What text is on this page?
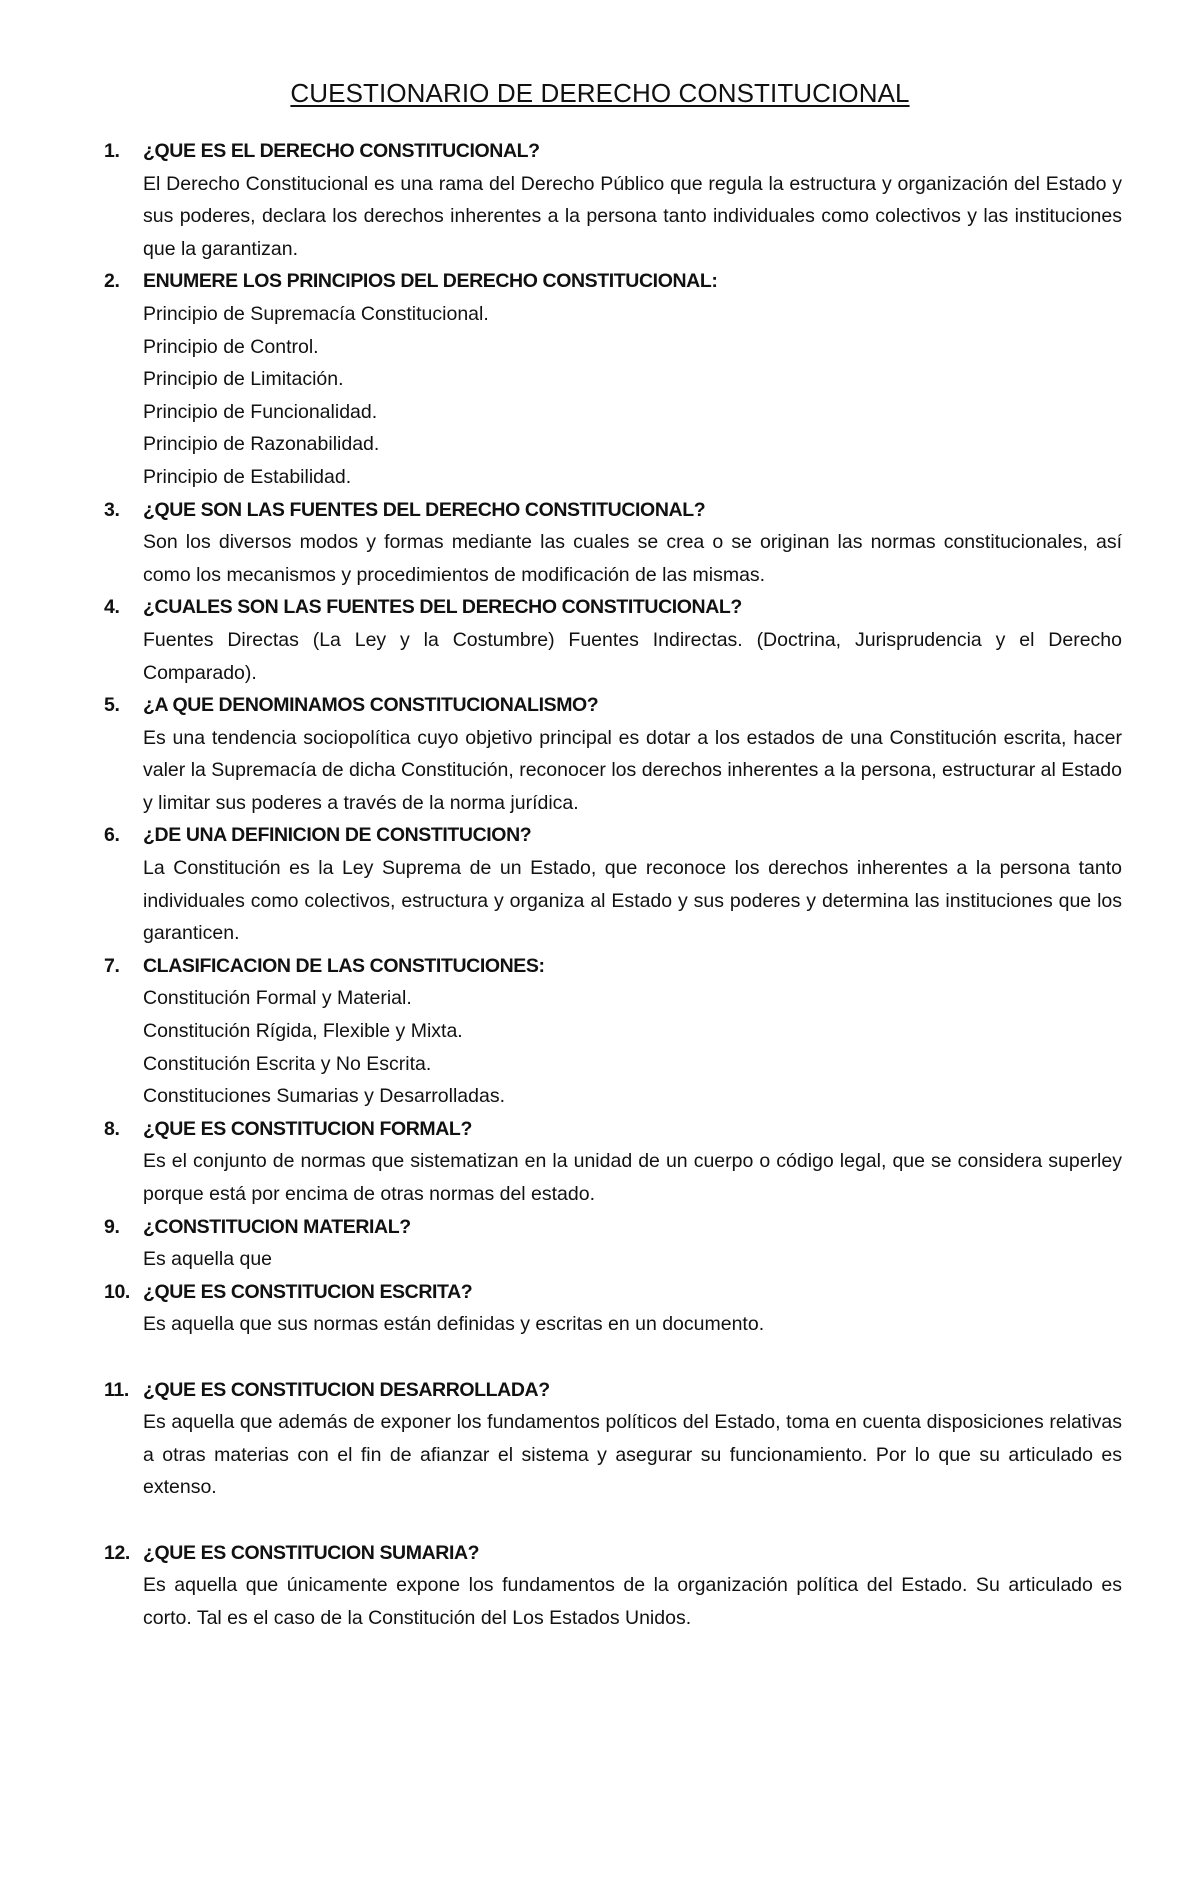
CUESTIONARIO DE DERECHO CONSTITUCIONAL
1.	¿QUE ES EL DERECHO CONSTITUCIONAL?

El Derecho Constitucional es una rama del Derecho Público que regula la estructura y organización del Estado y sus poderes, declara los derechos inherentes a la persona tanto individuales como colectivos y las instituciones que la garantizan.

2.	ENUMERE LOS PRINCIPIOS DEL DERECHO CONSTITUCIONAL:

Principio de Supremacía Constitucional.

Principio de Control.

Principio de Limitación.

Principio de Funcionalidad.

Principio de Razonabilidad.

Principio de Estabilidad.

3.	¿QUE SON LAS FUENTES DEL DERECHO CONSTITUCIONAL?

Son los diversos modos y formas mediante las cuales se crea o se originan las normas constitucionales, así como los mecanismos y procedimientos de modificación de las mismas.

4.	¿CUALES SON LAS FUENTES DEL DERECHO CONSTITUCIONAL?

Fuentes Directas (La Ley y la Costumbre) Fuentes Indirectas. (Doctrina, Jurisprudencia y el Derecho Comparado).

5.	¿A QUE DENOMINAMOS CONSTITUCIONALISMO?

Es una tendencia sociopolítica cuyo objetivo principal es dotar a los estados de una Constitución escrita, hacer valer la Supremacía de dicha Constitución, reconocer los derechos inherentes a la persona, estructurar al Estado y limitar sus poderes a través de la norma jurídica.

6.	¿DE UNA DEFINICION DE CONSTITUCION?

La Constitución es la Ley Suprema de un Estado, que reconoce los derechos inherentes a la persona tanto individuales como colectivos, estructura y organiza al Estado y sus poderes y determina las instituciones que los garanticen.

7.	CLASIFICACION DE LAS CONSTITUCIONES:

Constitución Formal y Material.

Constitución Rígida, Flexible y Mixta.

Constitución Escrita y No Escrita.

Constituciones Sumarias y Desarrolladas.

8.	¿QUE ES CONSTITUCION FORMAL?

Es el conjunto de normas que sistematizan en la unidad de un cuerpo o código legal, que se considera superley porque está por encima de otras normas del estado.

9.	¿CONSTITUCION MATERIAL?

Es aquella que

10. ¿QUE ES CONSTITUCION ESCRITA?

Es aquella que sus normas están definidas y escritas en un documento.

11. ¿QUE ES CONSTITUCION DESARROLLADA?

Es aquella que además de exponer los fundamentos políticos del Estado, toma en cuenta disposiciones relativas a otras materias con el fin de afianzar el sistema y asegurar su funcionamiento. Por lo que su articulado es extenso.

12. ¿QUE ES CONSTITUCION SUMARIA?

Es aquella que únicamente expone los fundamentos de la organización política del Estado. Su articulado es corto. Tal es el caso de la Constitución del Los Estados Unidos.
